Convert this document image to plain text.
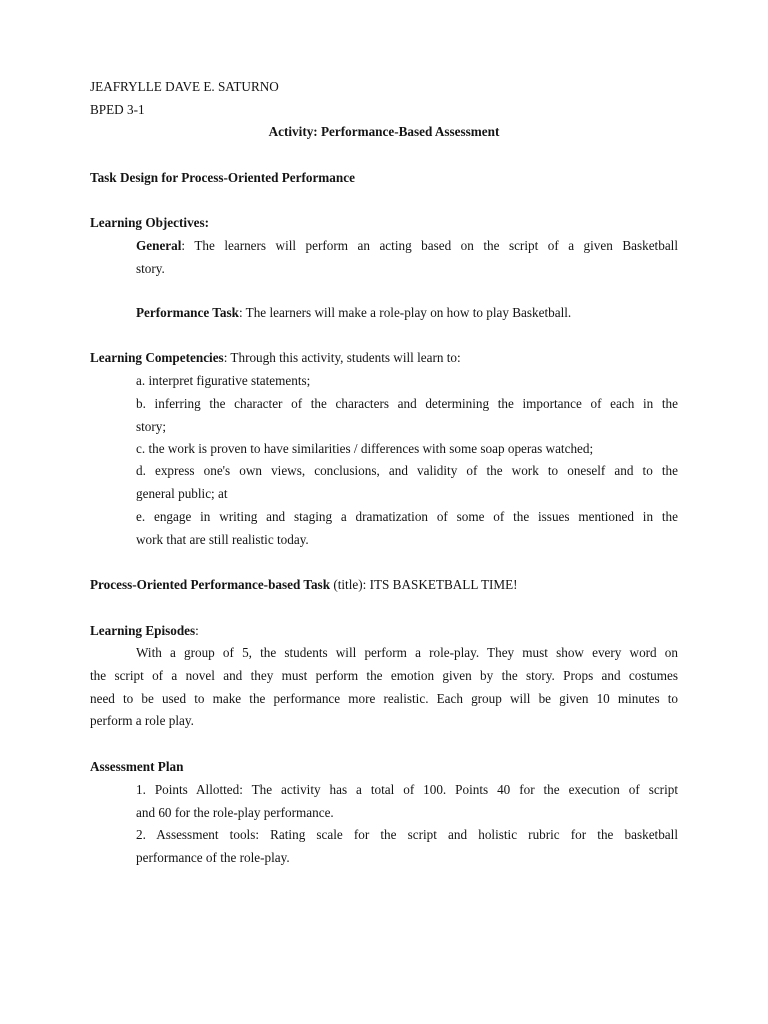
JEAFRYLLE DAVE E. SATURNO
BPED 3-1
Activity: Performance-Based Assessment
Task Design for Process-Oriented Performance
Learning Objectives:
General: The learners will perform an acting based on the script of a given Basketball
story.
Performance Task: The learners will make a role-play on how to play Basketball.
Learning Competencies: Through this activity, students will learn to:
a. interpret figurative statements;
b. inferring the character of the characters and determining the importance of each in the
story;
c. the work is proven to have similarities / differences with some soap operas watched;
d. express one's own views, conclusions, and validity of the work to oneself and to the
general public; at
e. engage in writing and staging a dramatization of some of the issues mentioned in the
work that are still realistic today.
Process-Oriented Performance-based Task (title): ITS BASKETBALL TIME!
Learning Episodes:
With a group of 5, the students will perform a role-play. They must show every word on
the script of a novel and they must perform the emotion given by the story. Props and costumes
need to be used to make the performance more realistic. Each group will be given 10 minutes to
perform a role play.
Assessment Plan
1. Points Allotted: The activity has a total of 100. Points 40 for the execution of script
and 60 for the role-play performance.
2. Assessment tools: Rating scale for the script and holistic rubric for the basketball
performance of the role-play.
